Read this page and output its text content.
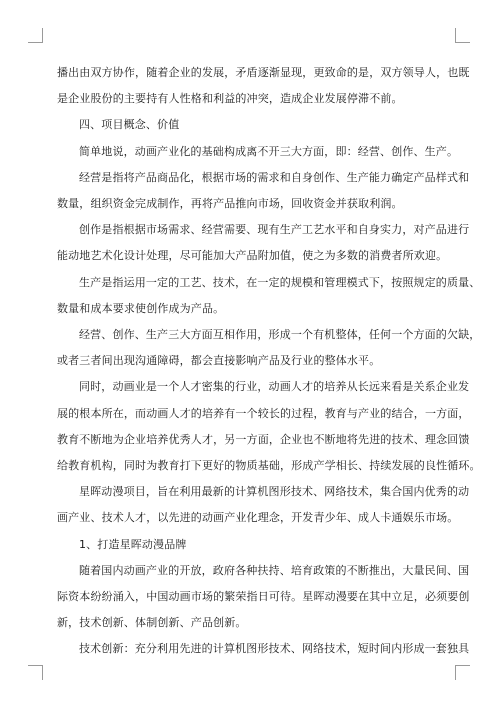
播出由双方协作，随着企业的发展，矛盾逐渐显现，更致命的是，双方领导人，也既
是企业股份的主要持有人性格和利益的冲突，造成企业发展停滞不前。
四、项目概念、价值
简单地说，动画产业化的基础构成离不开三大方面，即：经营、创作、生产。
经营是指将产品商品化，根据市场的需求和自身创作、生产能力确定产品样式和
数量，组织资金完成制作，再将产品推向市场，回收资金并获取利润。
创作是指根据市场需求、经营需要、现有生产工艺水平和自身实力，对产品进行
能动地艺术化设计处理，尽可能加大产品附加值，使之为多数的消费者所欢迎。
生产是指运用一定的工艺、技术，在一定的规模和管理模式下，按照规定的质量、
数量和成本要求使创作成为产品。
经营、创作、生产三大方面互相作用，形成一个有机整体，任何一个方面的欠缺，
或者三者间出现沟通障碍，都会直接影响产品及行业的整体水平。
同时，动画业是一个人才密集的行业，动画人才的培养从长远来看是关系企业发
展的根本所在，而动画人才的培养有一个较长的过程，教育与产业的结合，一方面，
教育不断地为企业培养优秀人才，另一方面，企业也不断地将先进的技术、理念回馈
给教育机构，同时为教育打下更好的物质基础，形成产学相长、持续发展的良性循环。
星晖动漫项目，旨在利用最新的计算机图形技术、网络技术，集合国内优秀的动
画产业、技术人才，以先进的动画产业化理念，开发青少年、成人卡通娱乐市场。
1、打造星晖动漫品牌
随着国内动画产业的开放，政府各种扶持、培育政策的不断推出，大量民间、国
际资本纷纷涌入，中国动画市场的繁荣指日可待。星晖动漫要在其中立足，必须要创
新，技术创新、体制创新、产品创新。
技术创新：充分利用先进的计算机图形技术、网络技术，短时间内形成一套独具
